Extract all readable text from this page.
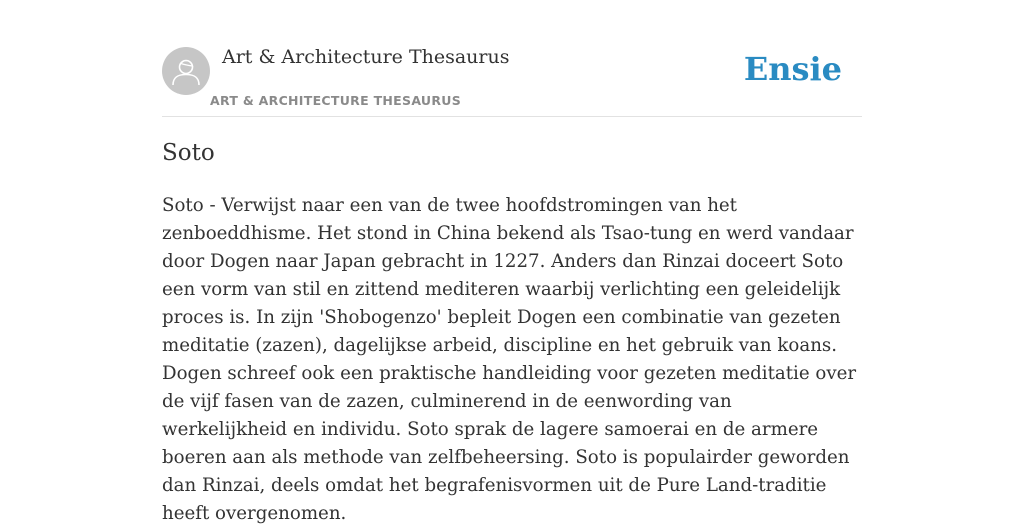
Art & Architecture Thesaurus
ART & ARCHITECTURE THESAURUS
Ensie
Soto

Soto - Verwijst naar een van de twee hoofdstromingen van het zenboeddhisme. Het stond in China bekend als Tsao-tung en werd vandaar door Dogen naar Japan gebracht in 1227. Anders dan Rinzai doceert Soto een vorm van stil en zittend mediteren waarbij verlichting een geleidelijk proces is. In zijn 'Shobogenzo' bepleit Dogen een combinatie van gezeten meditatie (zazen), dagelijkse arbeid, discipline en het gebruik van koans. Dogen schreef ook een praktische handleiding voor gezeten meditatie over de vijf fasen van de zazen, culminerend in de eenwording van werkelijkheid en individu. Soto sprak de lagere samoerai en de armere boeren aan als methode van zelfbeheersing. Soto is populairder geworden dan Rinzai, deels omdat het begrafenisvormen uit de Pure Land-traditie heeft overgenomen.
